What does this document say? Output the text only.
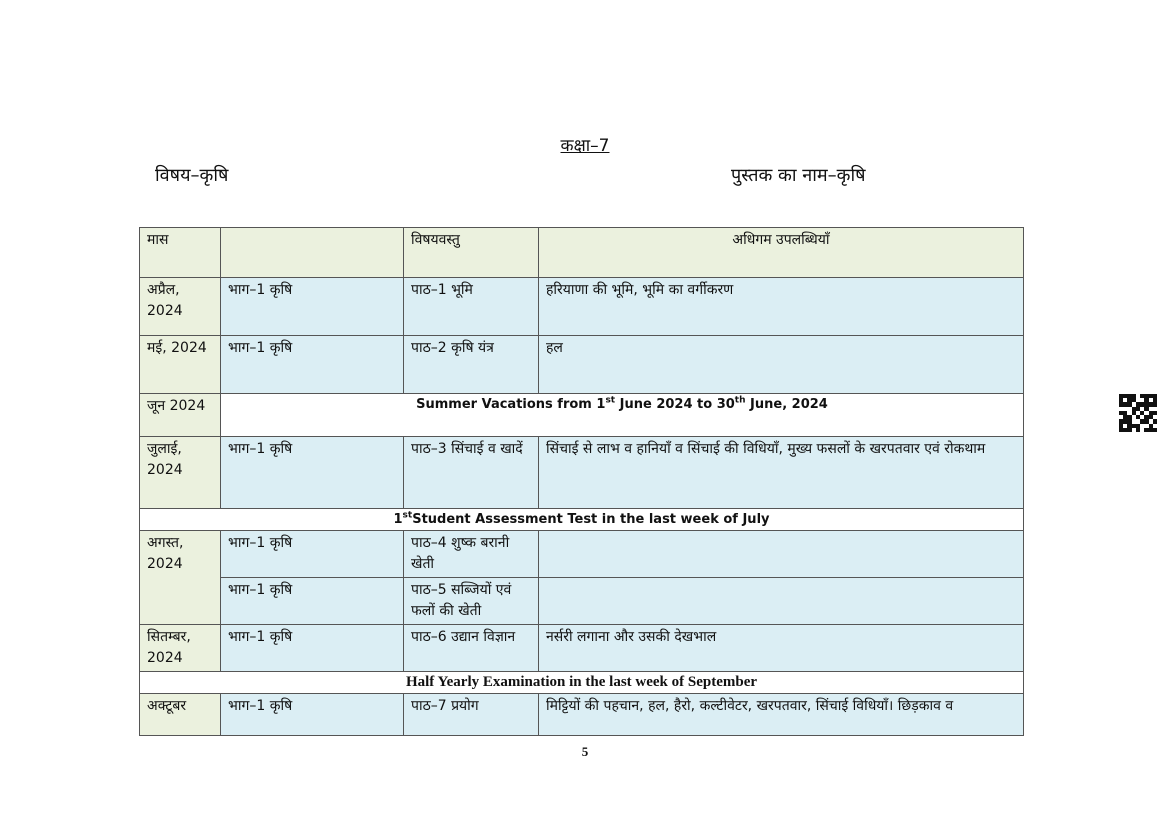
कक्षा–7
विषय–कृषि	पुस्तक का नाम–कृषि
मास		विषयवस्तु	अधिगम उपलब्धियाँ
अप्रैल, 2024	भाग–1 कृषि	पाठ–1 भूमि	हरियाणा की भूमि, भूमि का वर्गीकरण
मई, 2024	भाग–1 कृषि	पाठ–2 कृषि यंत्र	हल
जून 2024	Summer Vacations from 1st June 2024 to 30th June, 2024		
जुलाई, 2024	भाग–1 कृषि	पाठ–3 सिंचाई व खादें	सिंचाई से लाभ व हानियाँ व सिंचाई की विधियाँ, मुख्य फसलों के खरपतवार एवं रोकथाम
1stStudent Assessment Test in the last week of July			
अगस्त, 2024	भाग–1 कृषि	पाठ–4 शुष्क बरानी खेती	
	भाग–1 कृषि	पाठ–5 सब्जियों एवं फलों की खेती	
सितम्बर, 2024	भाग–1 कृषि	पाठ–6 उद्यान विज्ञान	नर्सरी लगाना और उसकी देखभाल
Half Yearly Examination in the last week of September			
अक्टूबर	भाग–1 कृषि	पाठ–7 प्रयोग	मिट्टियों की पहचान, हल, हैरो, कल्टीवेटर, खरपतवार, सिंचाई विधियाँ। छिड़काव व
5
